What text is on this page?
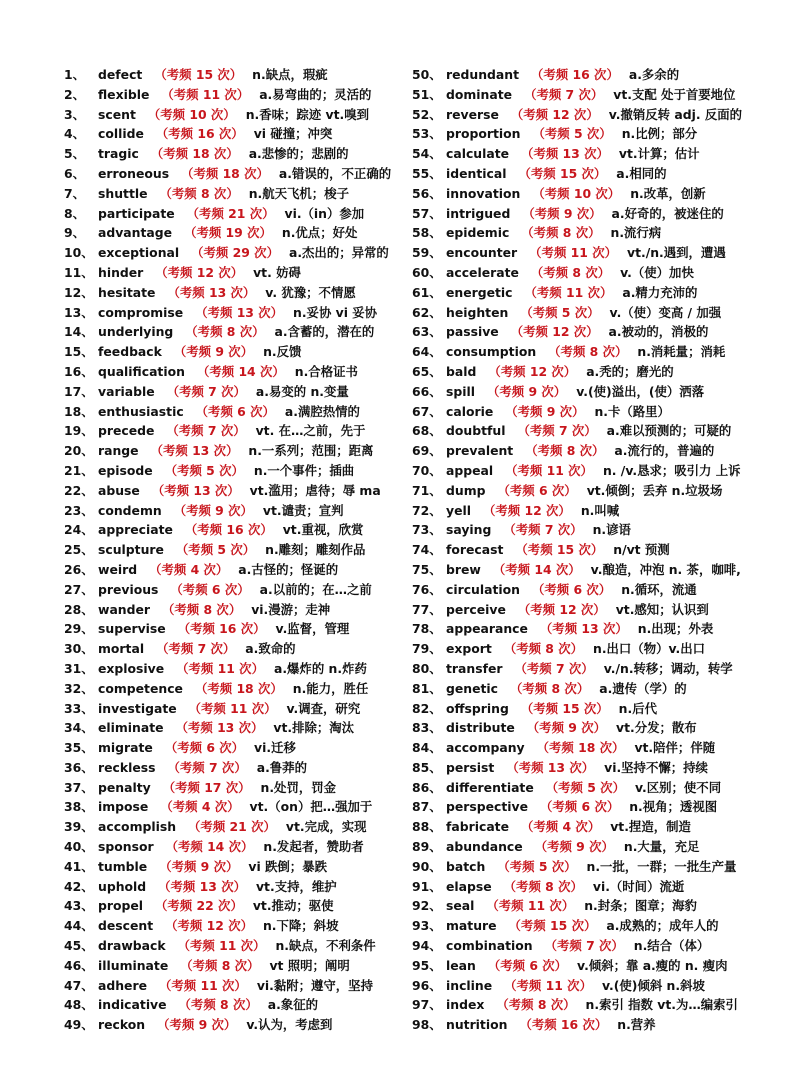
1、 defect （考频 15 次） n.缺点，瑕疵
2、 flexible （考频 11 次） a.易弯曲的；灵活的
3、 scent （考频 10 次） n.香味；踪迹 vt.嗅到
4、 collide （考频 16 次） vi 碰撞；冲突
5、 tragic （考频 18 次） a.悲惨的；悲剧的
6、 erroneous （考频 18 次） a.错误的，不正确的
7、 shuttle （考频 8 次） n.航天飞机；梭子
8、 participate （考频 21 次） vi.（in）参加
9、 advantage （考频 19 次） n.优点；好处
10、 exceptional （考频 29 次） a.杰出的；异常的
11、 hinder （考频 12 次） vt. 妨碍
12、 hesitate （考频 13 次） v. 犹豫；不情愿
13、 compromise （考频 13 次） n.妥协 vi 妥协
14、 underlying （考频 8 次） a.含蓄的，潜在的
15、 feedback （考频 9 次） n.反馈
16、 qualification （考频 14 次） n.合格证书
17、 variable （考频 7 次） a.易变的 n.变量
18、 enthusiastic （考频 6 次） a.满腔热情的
19、 precede （考频 7 次） vt. 在…之前，先于
20、 range （考频 13 次） n.一系列；范围；距离
21、 episode （考频 5 次） n.一个事件；插曲
22、 abuse （考频 13 次） vt.滥用；虐待；辱 ma
23、 condemn （考频 9 次） vt.谴责；宣判
24、 appreciate （考频 16 次） vt.重视，欣赏
25、 sculpture （考频 5 次） n.雕刻；雕刻作品
26、 weird （考频 4 次） a.古怪的；怪诞的
27、 previous （考频 6 次） a.以前的；在…之前
28、 wander （考频 8 次） vi.漫游；走神
29、 supervise （考频 16 次） v.监督，管理
30、 mortal （考频 7 次） a.致命的
31、 explosive （考频 11 次） a.爆炸的 n.炸药
32、 competence （考频 18 次） n.能力，胜任
33、 investigate （考频 11 次） v.调查，研究
34、 eliminate （考频 13 次） vt.排除；淘汰
35、 migrate （考频 6 次） vi.迁移
36、 reckless （考频 7 次） a.鲁莽的
37、 penalty （考频 17 次） n.处罚，罚金
38、 impose （考频 4 次） vt.（on）把…强加于
39、 accomplish （考频 21 次） vt.完成，实现
40、 sponsor （考频 14 次） n.发起者，赞助者
41、 tumble （考频 9 次） vi 跌倒；暴跌
42、 uphold （考频 13 次） vt.支持，维护
43、 propel （考频 22 次） vt.推动；驱使
44、 descent （考频 12 次） n.下降；斜坡
45、 drawback （考频 11 次） n.缺点，不利条件
46、 illuminate （考频 8 次） vt 照明；阐明
47、 adhere （考频 11 次） vi.黏附；遵守，坚持
48、 indicative （考频 8 次） a.象征的
49、 reckon （考频 9 次） v.认为，考虑到
50、 redundant （考频 16 次） a.多余的
51、 dominate （考频 7 次） vt.支配 处于首要地位
52、 reverse （考频 12 次） v.撤销反转 adj. 反面的
53、 proportion （考频 5 次） n.比例；部分
54、 calculate （考频 13 次） vt.计算；估计
55、 identical （考频 15 次） a.相同的
56、 innovation （考频 10 次） n.改革，创新
57、 intrigued （考频 9 次） a.好奇的，被迷住的
58、 epidemic （考频 8 次） n.流行病
59、 encounter （考频 11 次） vt./n.遇到，遭遇
60、 accelerate （考频 8 次） v.（使）加快
61、 energetic （考频 11 次） a.精力充沛的
62、 heighten （考频 5 次） v.（使）变高 / 加强
63、 passive （考频 12 次） a.被动的，消极的
64、 consumption （考频 8 次） n.消耗量；消耗
65、 bald （考频 12 次） a.秃的；磨光的
66、 spill （考频 9 次） v.(使)溢出，(使）洒落
67、 calorie （考频 9 次） n.卡（路里）
68、 doubtful （考频 7 次） a.难以预测的；可疑的
69、 prevalent （考频 8 次） a.流行的，普遍的
70、 appeal （考频 11 次） n. /v.恳求；吸引力 上诉
71、 dump （考频 6 次） vt.倾倒；丢弃 n.垃圾场
72、 yell （考频 12 次） n.叫喊
73、 saying （考频 7 次） n.谚语
74、 forecast （考频 15 次） n/vt 预测
75、 brew （考频 14 次） v.酿造，冲泡 n. 茶，咖啡,
76、 circulation （考频 6 次） n.循环，流通
77、 perceive （考频 12 次） vt.感知；认识到
78、 appearance （考频 13 次） n.出现；外表
79、 export （考频 8 次） n.出口（物）v.出口
80、 transfer （考频 7 次） v./n.转移；调动，转学
81、 genetic （考频 8 次） a.遗传（学）的
82、 offspring （考频 15 次） n.后代
83、 distribute （考频 9 次） vt.分发；散布
84、 accompany （考频 18 次） vt.陪伴；伴随
85、 persist （考频 13 次） vi.坚持不懈；持续
86、 differentiate （考频 5 次） v.区别；使不同
87、 perspective （考频 6 次） n.视角；透视图
88、 fabricate （考频 4 次） vt.捏造，制造
89、 abundance （考频 9 次） n.大量，充足
90、 batch （考频 5 次） n.一批，一群；一批生产量
91、 elapse （考频 8 次） vi.（时间）流逝
92、 seal （考频 11 次） n.封条；图章；海豹
93、 mature （考频 15 次） a.成熟的；成年人的
94、 combination （考频 7 次） n.结合（体）
95、 lean （考频 6 次） v.倾斜；靠 a.瘦的 n. 瘦肉
96、 incline （考频 11 次） v.(使)倾斜 n.斜坡
97、 index （考频 8 次） n.索引 指数 vt.为…编索引
98、 nutrition （考频 16 次） n.营养
